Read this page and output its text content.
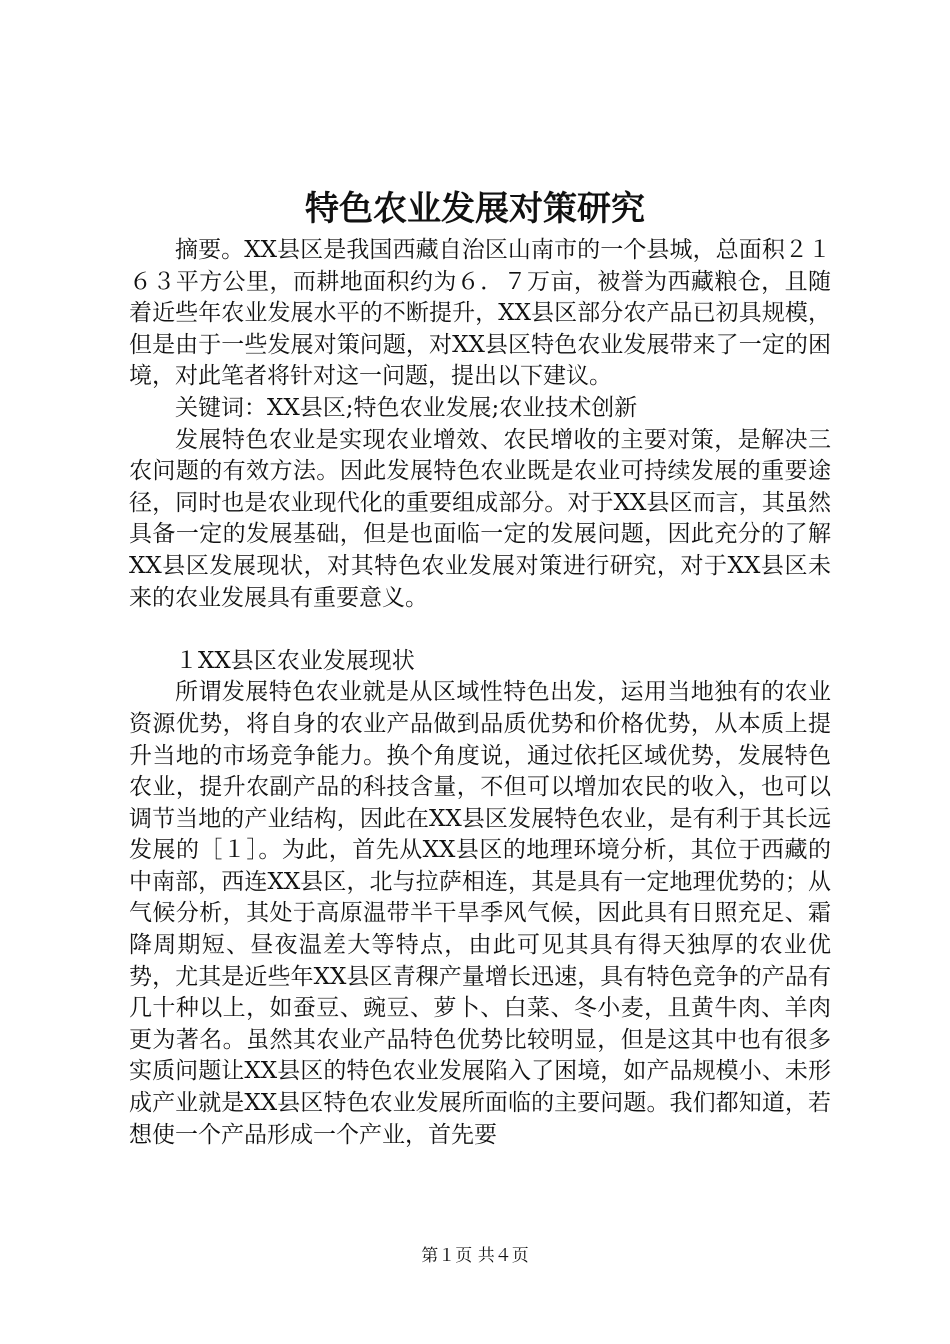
特色农业发展对策研究

摘要。XX县区是我国西藏自治区山南市的一个县城，总面积２１６３平方公里，而耕地面积约为６．７万亩，被誉为西藏粮仓，且随着近些年农业发展水平的不断提升，XX县区部分农产品已初具规模，但是由于一些发展对策问题，对XX县区特色农业发展带来了一定的困境，对此笔者将针对这一问题，提出以下建议。

关键词：XX县区;特色农业发展;农业技术创新

发展特色农业是实现农业增效、农民增收的主要对策，是解决三农问题的有效方法。因此发展特色农业既是农业可持续发展的重要途径，同时也是农业现代化的重要组成部分。对于XX县区而言，其虽然具备一定的发展基础，但是也面临一定的发展问题，因此充分的了解XX县区发展现状，对其特色农业发展对策进行研究，对于XX县区未来的农业发展具有重要意义。

１XX县区农业发展现状

所谓发展特色农业就是从区域性特色出发，运用当地独有的农业资源优势，将自身的农业产品做到品质优势和价格优势，从本质上提升当地的市场竞争能力。换个角度说，通过依托区域优势，发展特色农业，提升农副产品的科技含量，不但可以增加农民的收入，也可以调节当地的产业结构，因此在XX县区发展特色农业，是有利于其长远发展的［１］。为此，首先从XX县区的地理环境分析，其位于西藏的中南部，西连XX县区，北与拉萨相连，其是具有一定地理优势的；从气候分析，其处于高原温带半干旱季风气候，因此具有日照充足、霜降周期短、昼夜温差大等特点，由此可见其具有得天独厚的农业优势，尤其是近些年XX县区青稞产量增长迅速，具有特色竞争的产品有几十种以上，如蚕豆、豌豆、萝卜、白菜、冬小麦，且黄牛肉、羊肉更为著名。虽然其农业产品特色优势比较明显，但是这其中也有很多实质问题让XX县区的特色农业发展陷入了困境，如产品规模小、未形成产业就是XX县区特色农业发展所面临的主要问题。我们都知道，若想使一个产品形成一个产业，首先要

第１页 共４页
